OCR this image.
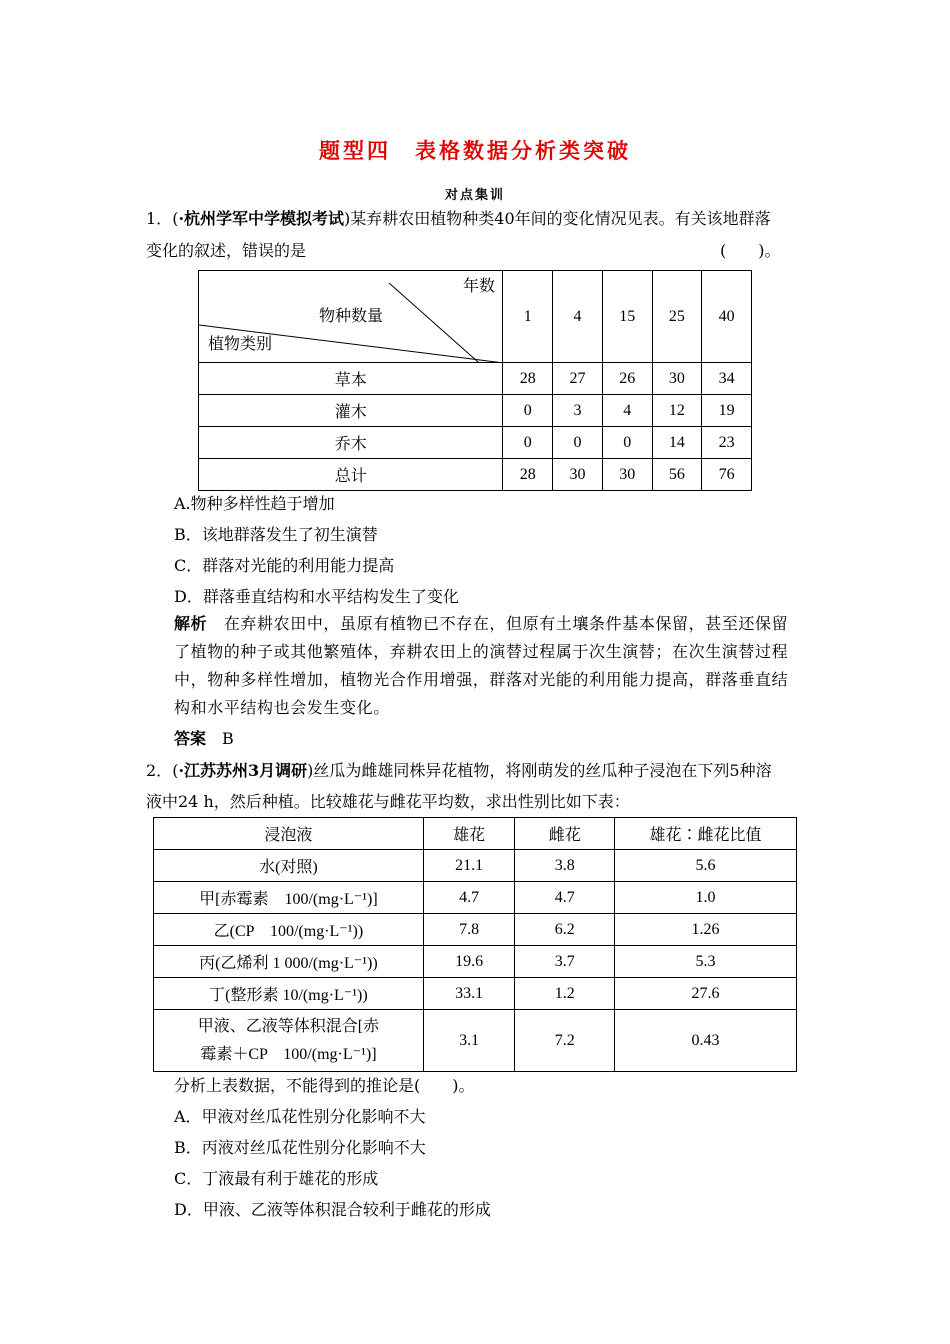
题型四　表格数据分析类突破
对点集训
1．(·杭州学军中学模拟考试)某弃耕农田植物种类40年间的变化情况见表。有关该地群落
变化的叙述，错误的是	(　　)。
年数
物种数量
植物类别	1	4	15	25	40
草本	28	27	26	30	34
灌木	0	3	4	12	19
乔木	0	0	0	14	23
总计	28	30	30	56	76
A.物种多样性趋于增加
B．该地群落发生了初生演替
C．群落对光能的利用能力提高
D．群落垂直结构和水平结构发生了变化
解析　 在弃耕农田中，虽原有植物已不存在，但原有土壤条件基本保留，甚至还保留
了植物的种子或其他繁殖体，弃耕农田上的演替过程属于次生演替；在次生演替过程
中，物种多样性增加，植物光合作用增强，群落对光能的利用能力提高，群落垂直结
构和水平结构也会发生变化。
答案　 B
2．(·江苏苏州3月调研)丝瓜为雌雄同株异花植物，将刚萌发的丝瓜种子浸泡在下列5种溶
液中24 h，然后种植。比较雄花与雌花平均数，求出性别比如下表：
浸泡液	雄花	雌花	雄花∶雌花比值
水(对照)	21.1	3.8	5.6
甲[赤霉素　100/(mg·L⁻¹)]	4.7	4.7	1.0
乙(CP　100/(mg·L⁻¹))	7.8	6.2	1.26
丙(乙烯利 1 000/(mg·L⁻¹))	19.6	3.7	5.3
丁(整形素 10/(mg·L⁻¹))	33.1	1.2	27.6

甲液、乙液等体积混合[赤
霉素＋CP　100/(mg·L⁻¹)]	3.1	7.2	0.43
分析上表数据，不能得到的推论是(　　)。
A．甲液对丝瓜花性别分化影响不大
B．丙液对丝瓜花性别分化影响不大
C．丁液最有利于雄花的形成
D．甲液、乙液等体积混合较利于雌花的形成
